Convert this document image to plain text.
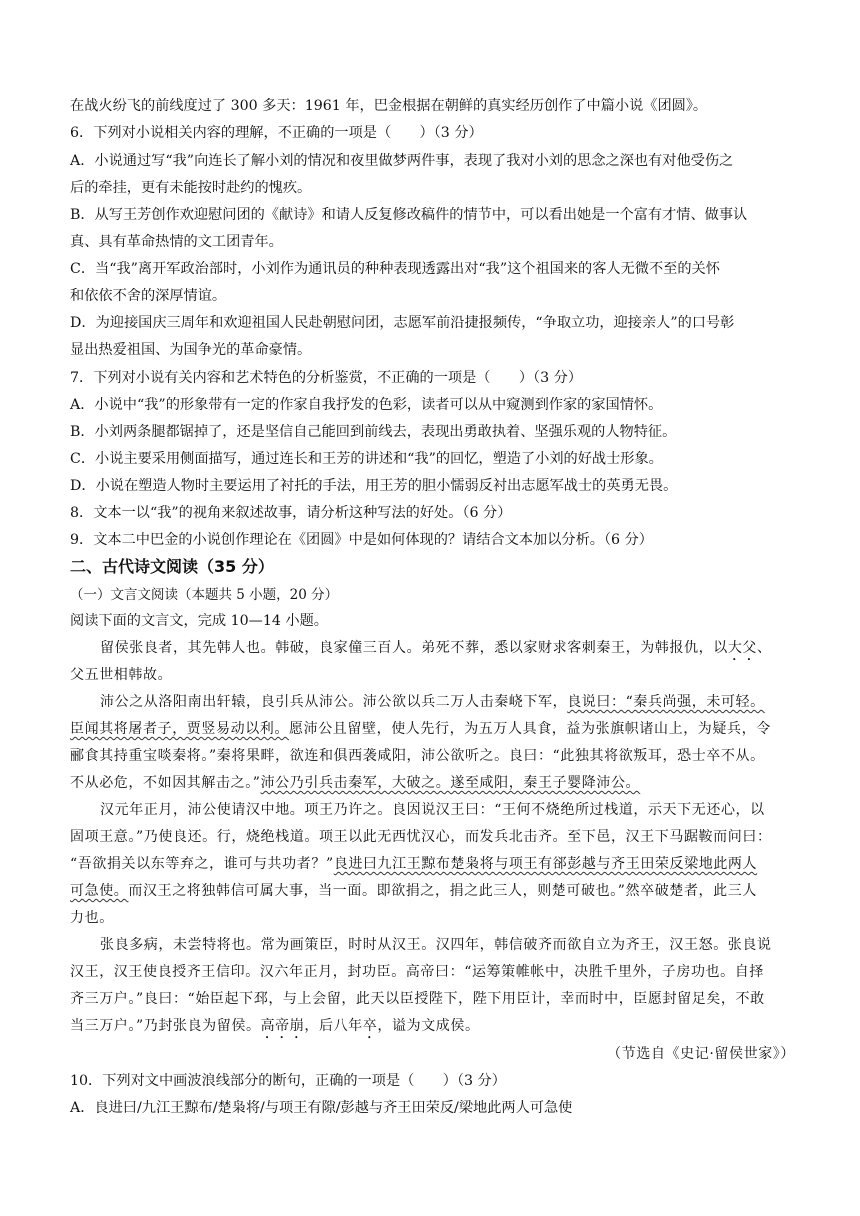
在战火纷飞的前线度过了 300 多天：1961 年，巴金根据在朝鲜的真实经历创作了中篇小说《团圆》。
6．下列对小说相关内容的理解，不正确的一项是（　　）（3 分）
A．小说通过写“我”向连长了解小刘的情况和夜里做梦两件事，表现了我对小刘的思念之深也有对他受伤之
后的牵挂，更有未能按时赴约的愧疚。
B．从写王芳创作欢迎慰问团的《献诗》和请人反复修改稿件的情节中，可以看出她是一个富有才情、做事认
真、具有革命热情的文工团青年。
C．当“我”离开军政治部时，小刘作为通讯员的种种表现透露出对“我”这个祖国来的客人无微不至的关怀
和依依不舍的深厚情谊。
D．为迎接国庆三周年和欢迎祖国人民赴朝慰问团，志愿军前沿捷报频传，“争取立功，迎接亲人”的口号彰
显出热爱祖国、为国争光的革命豪情。
7．下列对小说有关内容和艺术特色的分析鉴赏，不正确的一项是（　　）（3 分）
A．小说中“我”的形象带有一定的作家自我抒发的色彩，读者可以从中窥测到作家的家国情怀。
B．小刘两条腿都锯掉了，还是坚信自己能回到前线去，表现出勇敢执着、坚强乐观的人物特征。
C．小说主要采用侧面描写，通过连长和王芳的讲述和“我”的回忆，塑造了小刘的好战士形象。
D．小说在塑造人物时主要运用了衬托的手法，用王芳的胆小懦弱反衬出志愿军战士的英勇无畏。
8．文本一以“我”的视角来叙述故事，请分析这种写法的好处。（6 分）
9．文本二中巴金的小说创作理论在《团圆》中是如何体现的？请结合文本加以分析。（6 分）
二、古代诗文阅读（35 分）
（一）文言文阅读（本题共 5 小题，20 分）
阅读下面的文言文，完成 10—14 小题。
留侯张良者，其先韩人也。韩破，良家僮三百人。弟死不葬，悉以家财求客刺秦王，为韩报仇，以大父、
父五世相韩故。
沛公之从洛阳南出轩辕，良引兵从沛公。沛公欲以兵二万人击秦峣下军，良说曰：“秦兵尚强，未可轻。
臣闻其将屠者子，贾竖易动以利。愿沛公且留壁，使人先行，为五万人具食，益为张旗帜诸山上，为疑兵，令
郦食其持重宝啖秦将。”秦将果畔，欲连和俱西袭咸阳，沛公欲听之。良曰：“此独其将欲叛耳，恐士卒不从。
不从必危，不如因其解击之。”沛公乃引兵击秦军，大破之。遂至咸阳，秦王子婴降沛公。
汉元年正月，沛公使请汉中地。项王乃许之。良因说汉王曰：“王何不烧绝所过栈道，示天下无还心，以
固项王意。”乃使良还。行，烧绝栈道。项王以此无西忧汉心，而发兵北击齐。至下邑，汉王下马踞鞍而问曰：
“吾欲捐关以东等弃之，谁可与共功者？”良进曰九江王黥布楚枭将与项王有郤彭越与齐王田荣反梁地此两人
可急使。而汉王之将独韩信可属大事，当一面。即欲捐之，捐之此三人，则楚可破也。”然卒破楚者，此三人
力也。
张良多病，未尝特将也。常为画策臣，时时从汉王。汉四年，韩信破齐而欲自立为齐王，汉王怒。张良说
汉王，汉王使良授齐王信印。汉六年正月，封功臣。高帝曰：“运筹策帷帐中，决胜千里外，子房功也。自择
齐三万户。”良曰：“始臣起下邳，与上会留，此天以臣授陛下，陛下用臣计，幸而时中，臣愿封留足矣，不敢
当三万户。”乃封张良为留侯。高帝崩，后八年卒，谥为文成侯。
（节选自《史记·留侯世家》）
10．下列对文中画波浪线部分的断句，正确的一项是（　　）（3 分）
A．良进曰/九江王黥布/楚枭将/与项王有隙/彭越与齐王田荣反/梁地此两人可急使
